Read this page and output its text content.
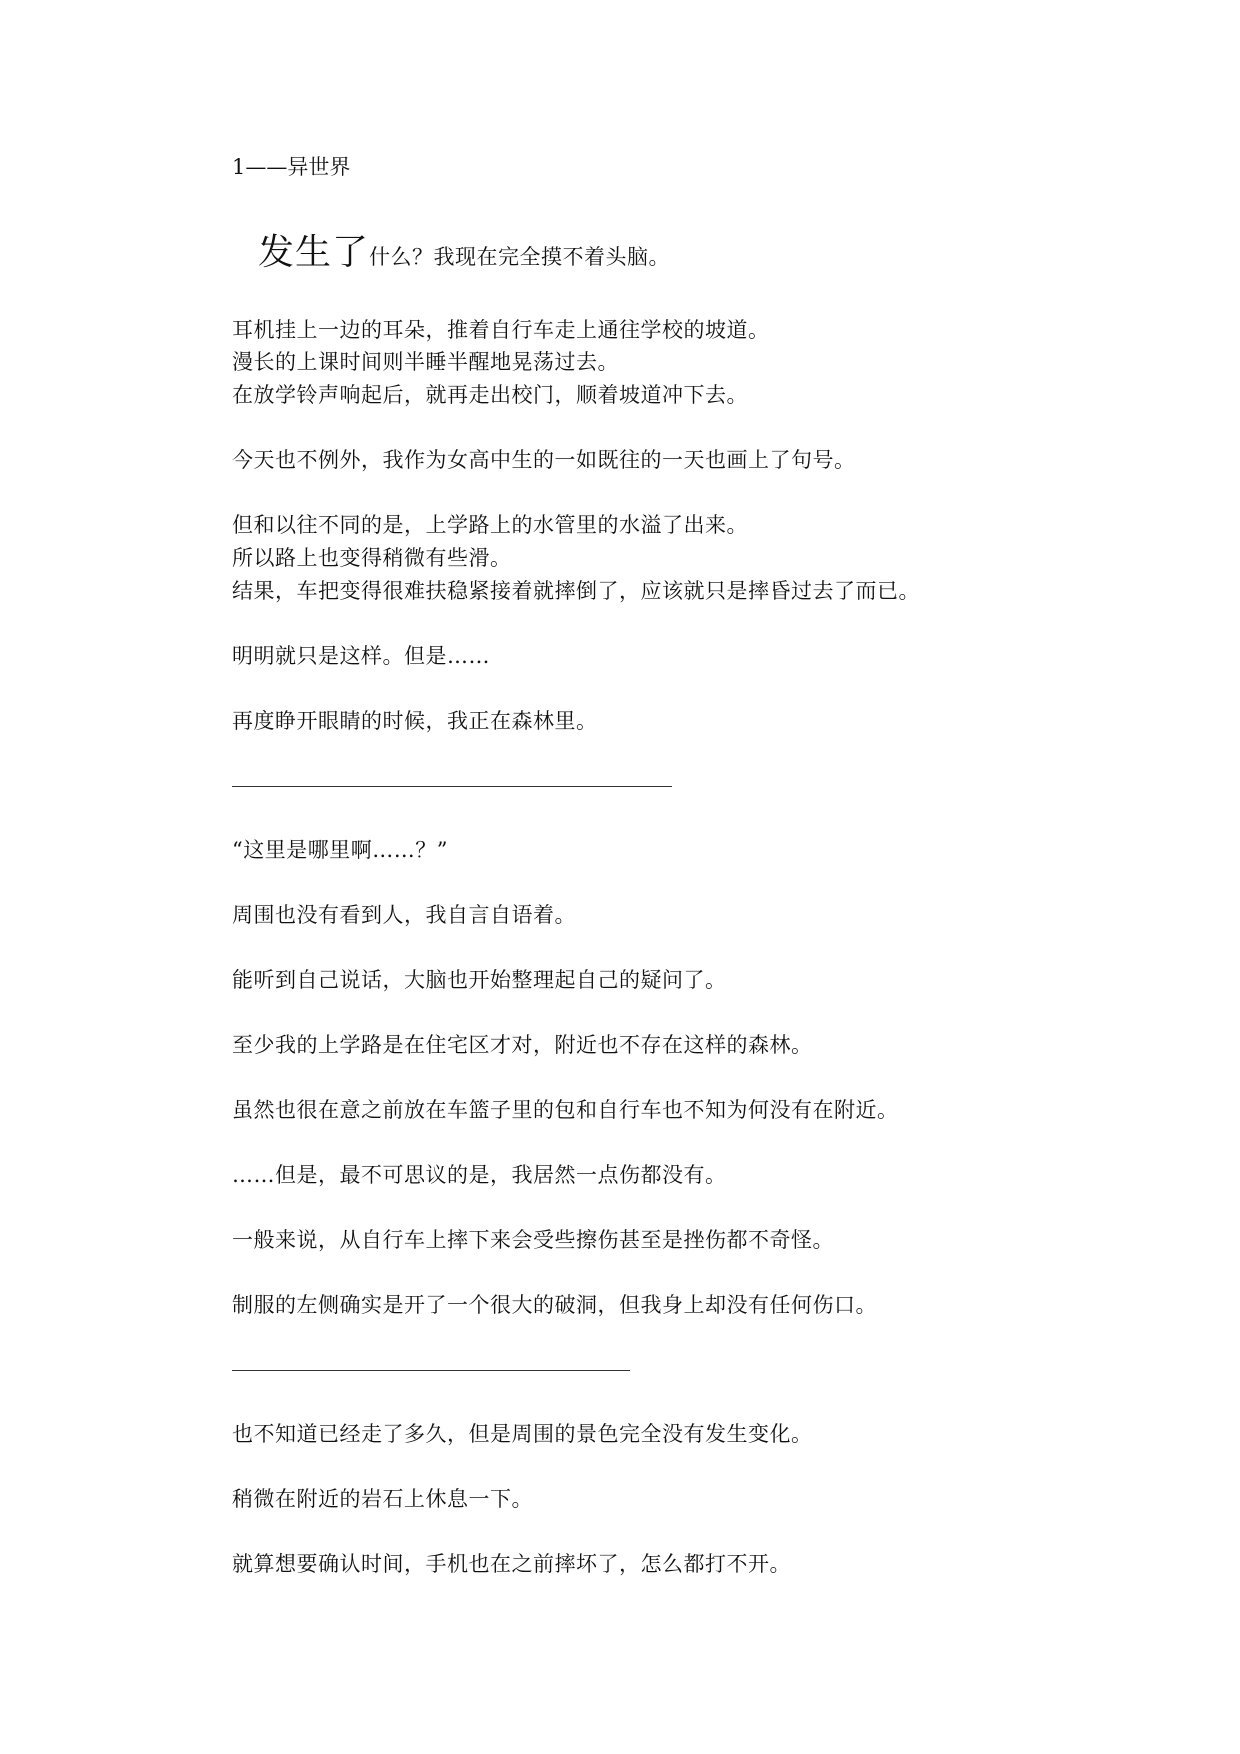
1——异世界
发生了什么？我现在完全摸不着头脑。
耳机挂上一边的耳朵，推着自行车走上通往学校的坡道。
漫长的上课时间则半睡半醒地晃荡过去。
在放学铃声响起后，就再走出校门，顺着坡道冲下去。
今天也不例外，我作为女高中生的一如既往的一天也画上了句号。
但和以往不同的是，上学路上的水管里的水溢了出来。
所以路上也变得稍微有些滑。
结果，车把变得很难扶稳紧接着就摔倒了，应该就只是摔昏过去了而已。
明明就只是这样。但是……
再度睁开眼睛的时候，我正在森林里。
“这里是哪里啊……？”
周围也没有看到人，我自言自语着。
能听到自己说话，大脑也开始整理起自己的疑问了。
至少我的上学路是在住宅区才对，附近也不存在这样的森林。
虽然也很在意之前放在车篮子里的包和自行车也不知为何没有在附近。
……但是，最不可思议的是，我居然一点伤都没有。
一般来说，从自行车上摔下来会受些擦伤甚至是挫伤都不奇怪。
制服的左侧确实是开了一个很大的破洞，但我身上却没有任何伤口。
也不知道已经走了多久，但是周围的景色完全没有发生变化。
稍微在附近的岩石上休息一下。
就算想要确认时间，手机也在之前摔坏了，怎么都打不开。
